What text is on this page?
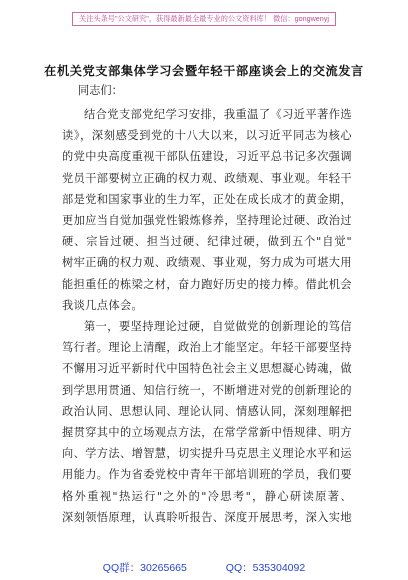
关注头条号"公文研究"，获得最新最全最专业的公文资料库！ 微信：gongwenyj
在机关党支部集体学习会暨年轻干部座谈会上的交流发言
同志们：
结合党支部党纪学习安排，我重温了《习近平著作选
读》，深刻感受到党的十八大以来，以习近平同志为核心
的党中央高度重视干部队伍建设，习近平总书记多次强调
党员干部要树立正确的权力观、政绩观、事业观。年轻干
部是党和国家事业的生力军，正处在成长成才的黄金期，
更加应当自觉加强党性锻炼修养，坚持理论过硬、政治过
硬、宗旨过硬、担当过硬、纪律过硬，做到五个"自觉"
树牢正确的权力观、政绩观、事业观，努力成为可堪大用
能担重任的栋梁之材，奋力跑好历史的接力棒。借此机会
我谈几点体会。
第一，要坚持理论过硬，自觉做党的创新理论的笃信
笃行者。理论上清醒，政治上才能坚定。年轻干部要坚持
不懈用习近平新时代中国特色社会主义思想凝心铸魂，做
到学思用贯通、知信行统一，不断增进对党的创新理论的
政治认同、思想认同、理论认同、情感认同，深刻理解把
握贯穿其中的立场观点方法，在常学常新中悟规律、明方
向、学方法、增智慧，切实提升马克思主义理论水平和运
用能力。作为省委党校中青年干部培训班的学员，我们要
格外重视"热运行"之外的"冷思考"，静心研读原著、
深刻领悟原理，认真聆听报告、深度开展思考，深入实地
QQ群：30265665	QQ：535304092
